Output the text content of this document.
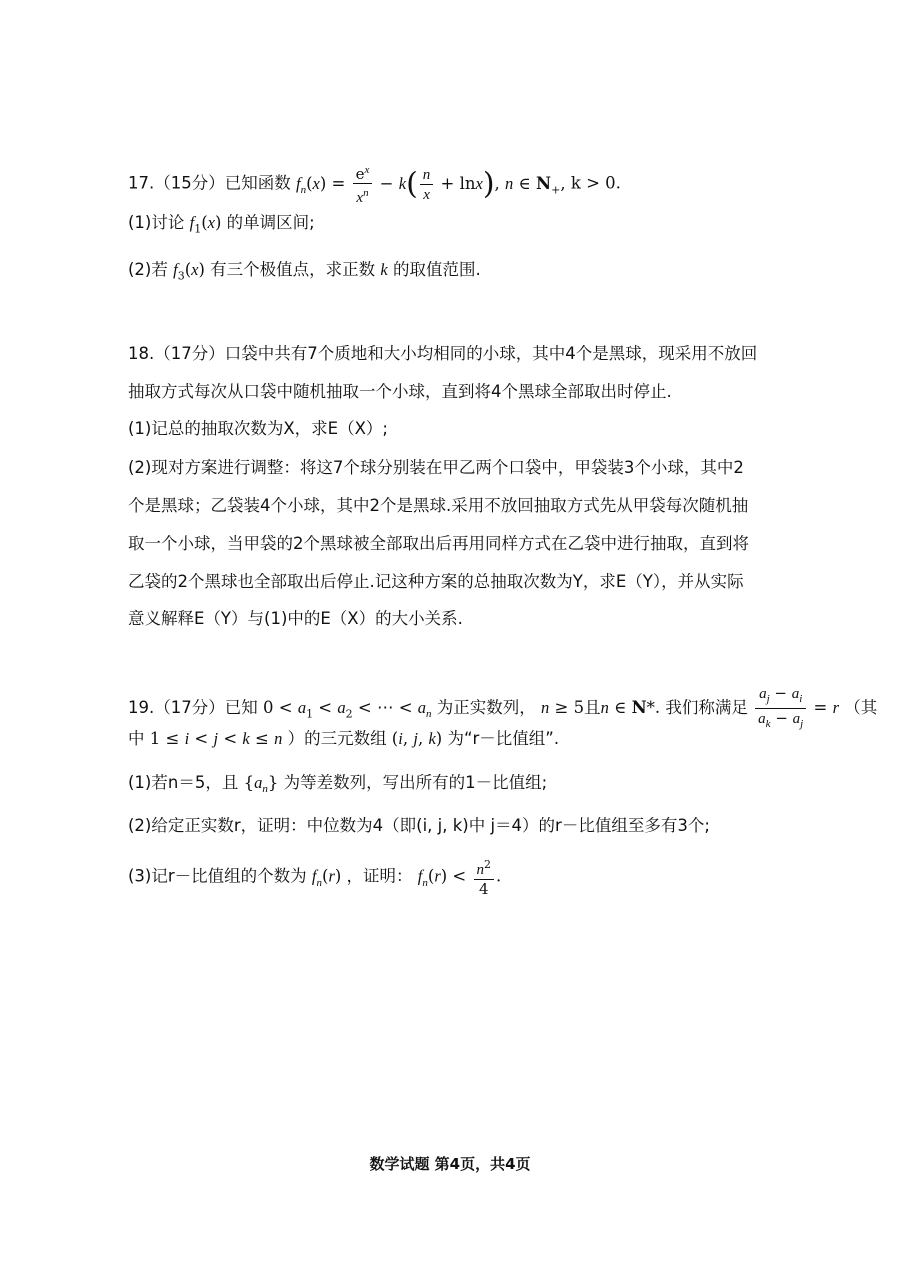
17.（15分）已知函数 $f_n(x) = \frac{e^x}{x^n} - k( \frac{n}{x} + \ln x)$, n ∈ $N_+$, k > 0.
(1)讨论 $f_1(x)$ 的单调区间;
(2)若 $f_3(x)$ 有三个极值点，求正数 k 的取值范围.
18.（17分）口袋中共有7个质地和大小均相同的小球，其中4个是黑球，现采用不放回
抽取方式每次从口袋中随机抽取一个小球，直到将4个黑球全部取出时停止.
(1)记总的抽取次数为X，求E（X）;
(2)现对方案进行调整：将这7个球分别装在甲乙两个口袋中，甲袋装3个小球，其中2
个是黑球；乙袋装4个小球，其中2个是黑球.采用不放回抽取方式先从甲袋每次随机抽
取一个小球，当甲袋的2个黑球被全部取出后再用同样方式在乙袋中进行抽取，直到将
乙袋的2个黑球也全部取出后停止.记这种方案的总抽取次数为Y，求E（Y），并从实际
意义解释E（Y）与(1)中的E（X）的大小关系.
19.（17分）已知 $0 < a_1 < a_2$ < ⋯ < $a_n$ 为正实数列， n ≥ 5且n ∈ N*. 我们称满足 $\frac{a_j - a_i}{a_k - a_j} = r$ （其
中 1 ≤ i < j < k ≤ n ）的三元数组 (i, j, k) 为“r－比值组”.
(1)若n＝5，且 $\{a_n\}$ 为等差数列，写出所有的1－比值组;
(2)给定正实数r，证明：中位数为4（即(i, j, k)中 j＝4）的r－比值组至多有3个;
(3)记r－比值组的个数为 $f_n(r)$ ，证明： $f_n(r) < \frac{n^2}{4}$ .
数学试题 第4页，共4页
